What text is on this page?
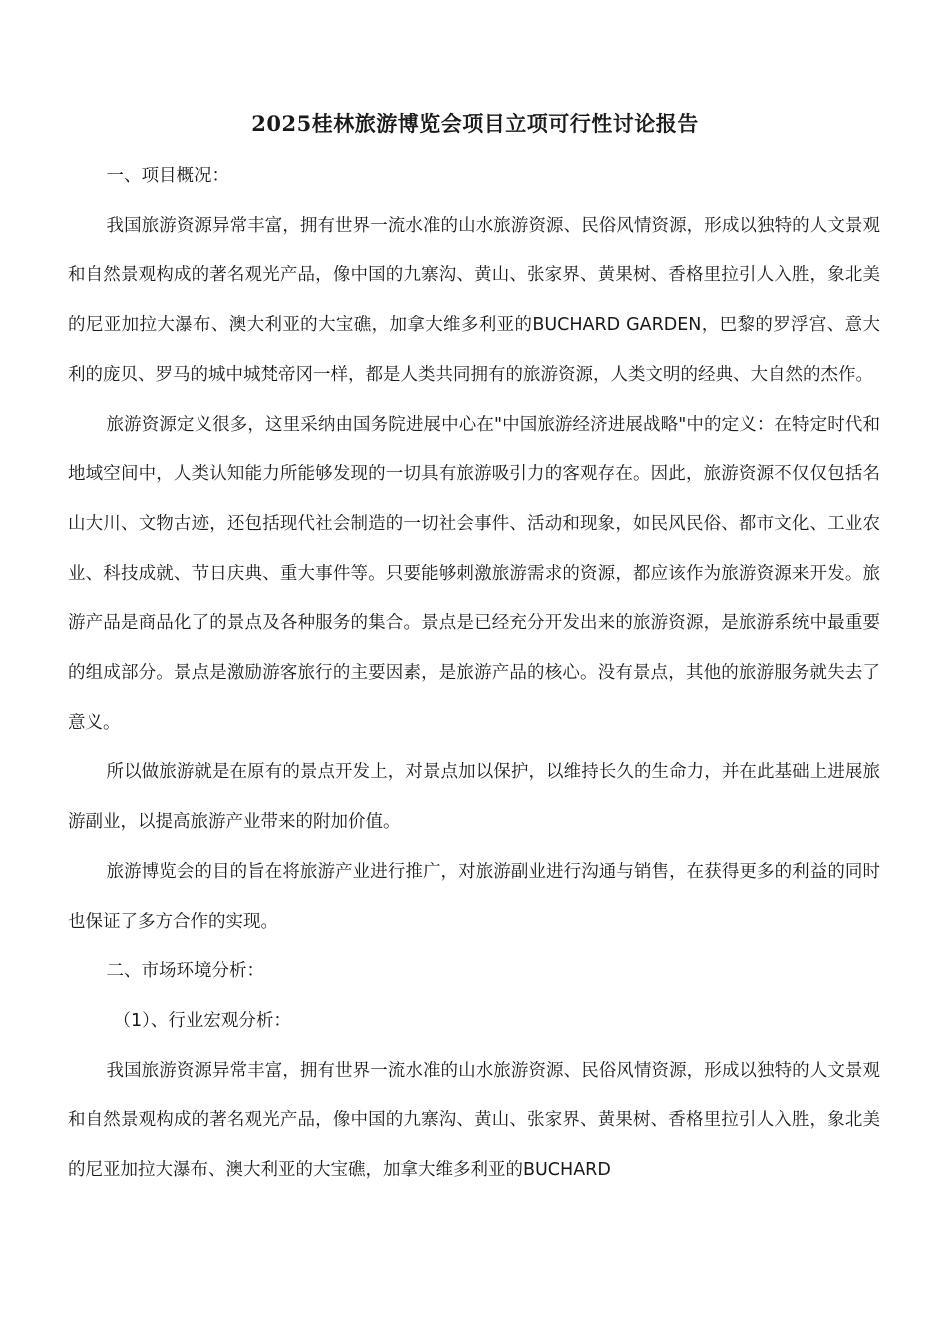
2025桂林旅游博览会项目立项可行性讨论报告

一、项目概况：

我国旅游资源异常丰富，拥有世界一流水准的山水旅游资源、民俗风情资源，形成以独特的人文景观和自然景观构成的著名观光产品，像中国的九寨沟、黄山、张家界、黄果树、香格里拉引人入胜，象北美的尼亚加拉大瀑布、澳大利亚的大宝礁，加拿大维多利亚的BUCHARD GARDEN，巴黎的罗浮宫、意大利的庞贝、罗马的城中城梵帝冈一样，都是人类共同拥有的旅游资源，人类文明的经典、大自然的杰作。

旅游资源定义很多，这里采纳由国务院进展中心在"中国旅游经济进展战略"中的定义：在特定时代和地域空间中，人类认知能力所能够发现的一切具有旅游吸引力的客观存在。因此，旅游资源不仅仅包括名山大川、文物古迹，还包括现代社会制造的一切社会事件、活动和现象，如民风民俗、都市文化、工业农业、科技成就、节日庆典、重大事件等。只要能够刺激旅游需求的资源，都应该作为旅游资源来开发。旅游产品是商品化了的景点及各种服务的集合。景点是已经充分开发出来的旅游资源，是旅游系统中最重要的组成部分。景点是激励游客旅行的主要因素，是旅游产品的核心。没有景点，其他的旅游服务就失去了意义。

所以做旅游就是在原有的景点开发上，对景点加以保护，以维持长久的生命力，并在此基础上进展旅游副业，以提高旅游产业带来的附加价值。

旅游博览会的目的旨在将旅游产业进行推广，对旅游副业进行沟通与销售，在获得更多的利益的同时也保证了多方合作的实现。

二、市场环境分析：

（1）、行业宏观分析：

我国旅游资源异常丰富，拥有世界一流水准的山水旅游资源、民俗风情资源，形成以独特的人文景观和自然景观构成的著名观光产品，像中国的九寨沟、黄山、张家界、黄果树、香格里拉引人入胜，象北美的尼亚加拉大瀑布、澳大利亚的大宝礁，加拿大维多利亚的BUCHARD
